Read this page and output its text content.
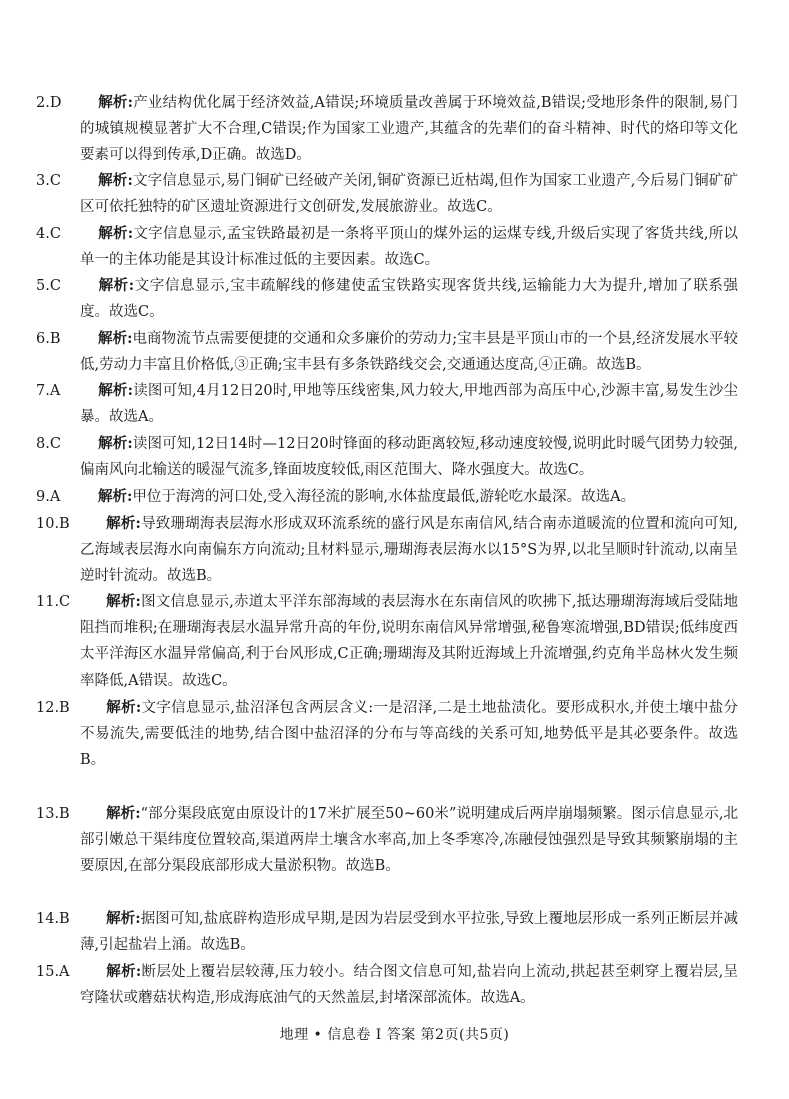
2.D	解析:产业结构优化属于经济效益,A错误;环境质量改善属于环境效益,B错误;受地形条件的限制,易门的城镇规模显著扩大不合理,C错误;作为国家工业遗产,其蕴含的先辈们的奋斗精神、时代的烙印等文化要素可以得到传承,D正确。故选D。
3.C	解析:文字信息显示,易门铜矿已经破产关闭,铜矿资源已近枯竭,但作为国家工业遗产,今后易门铜矿矿区可依托独特的矿区遗址资源进行文创研发,发展旅游业。故选C。
4.C	解析:文字信息显示,孟宝铁路最初是一条将平顶山的煤外运的运煤专线,升级后实现了客货共线,所以单一的主体功能是其设计标准过低的主要因素。故选C。
5.C	解析:文字信息显示,宝丰疏解线的修建使孟宝铁路实现客货共线,运输能力大为提升,增加了联系强度。故选C。
6.B	解析:电商物流节点需要便捷的交通和众多廉价的劳动力;宝丰县是平顶山市的一个县,经济发展水平较低,劳动力丰富且价格低,③正确;宝丰县有多条铁路线交会,交通通达度高,④正确。故选B。
7.A	解析:读图可知,4月12日20时,甲地等压线密集,风力较大,甲地西部为高压中心,沙源丰富,易发生沙尘暴。故选A。
8.C	解析:读图可知,12日14时—12日20时锋面的移动距离较短,移动速度较慢,说明此时暖气团势力较强,偏南风向北输送的暖湿气流多,锋面坡度较低,雨区范围大、降水强度大。故选C。
9.A	解析:甲位于海湾的河口处,受入海径流的影响,水体盐度最低,游轮吃水最深。故选A。
10.B	解析:导致珊瑚海表层海水形成双环流系统的盛行风是东南信风,结合南赤道暖流的位置和流向可知,乙海域表层海水向南偏东方向流动;且材料显示,珊瑚海表层海水以15°S为界,以北呈顺时针流动,以南呈逆时针流动。故选B。
11.C 解析:图文信息显示,赤道太平洋东部海域的表层海水在东南信风的吹拂下,抵达珊瑚海海域后受陆地阻挡而堆积;在珊瑚海表层水温异常升高的年份,说明东南信风异常增强,秘鲁寒流增强,BD错误;低纬度西太平洋海区水温异常偏高,利于台风形成,C正确;珊瑚海及其附近海域上升流增强,约克角半岛林火发生频率降低,A错误。故选C。
12.B	解析:文字信息显示,盐沼泽包含两层含义:一是沼泽,二是土地盐渍化。要形成积水,并使土壤中盐分不易流失,需要低洼的地势,结合图中盐沼泽的分布与等高线的关系可知,地势低平是其必要条件。故选B。
13.B	解析:“部分渠段底宽由原设计的17米扩展至50~60米”说明建成后两岸崩塌频繁。图示信息显示,北部引嫩总干渠纬度位置较高,渠道两岸土壤含水率高,加上冬季寒冷,冻融侵蚀强烈是导致其频繁崩塌的主要原因,在部分渠段底部形成大量淤积物。故选B。
14.B	解析:据图可知,盐底辟构造形成早期,是因为岩层受到水平拉张,导致上覆地层形成一系列正断层并减薄,引起盐岩上涌。故选B。
15.A	解析:断层处上覆岩层较薄,压力较小。结合图文信息可知,盐岩向上流动,拱起甚至刺穿上覆岩层,呈穹隆状或蘑菇状构造,形成海底油气的天然盖层,封堵深部流体。故选A。
地理 • 信息卷 Ⅰ 答案 第2页(共5页)
